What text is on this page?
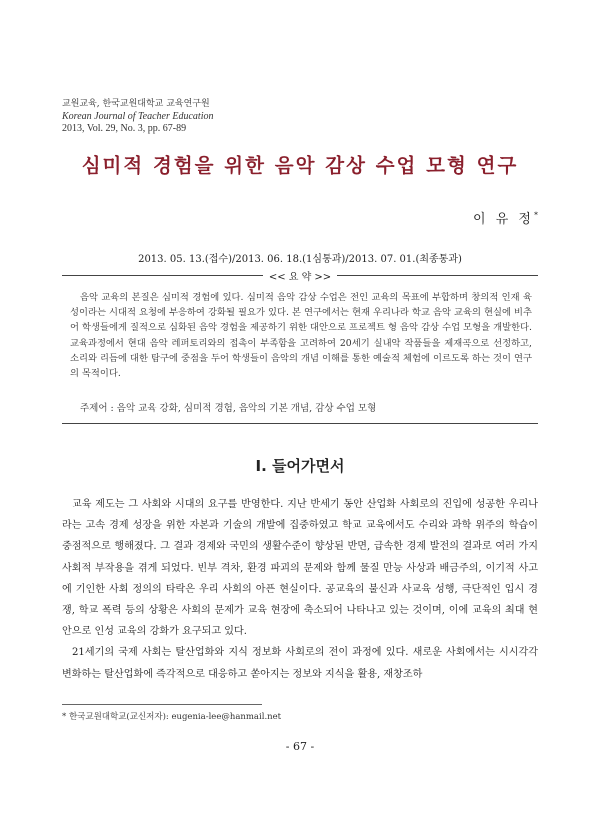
교원교육, 한국교원대학교 교육연구원
Korean Journal of Teacher Education
2013, Vol. 29, No. 3, pp. 67-89
심미적 경험을 위한 음악 감상 수업 모형 연구
이 유 정*
2013. 05. 13.(접수)/2013. 06. 18.(1심통과)/2013. 07. 01.(최종통과)
<< 요 약 >>
음악 교육의 본질은 심미적 경험에 있다. 심미적 음악 감상 수업은 전인 교육의 목표에 부합하며 창의적 인재 육성이라는 시대적 요청에 부응하여 강화될 필요가 있다. 본 연구에서는 현재 우리나라 학교 음악 교육의 현실에 비추어 학생들에게 질적으로 심화된 음악 경험을 제공하기 위한 대안으로 프로젝트 형 음악 감상 수업 모형을 개발한다. 교육과정에서 현대 음악 레퍼토리와의 접촉이 부족함을 고려하여 20세기 실내악 작품들을 제재곡으로 선정하고, 소리와 리듬에 대한 탐구에 중점을 두어 학생들이 음악의 개념 이해를 통한 예술적 체험에 이르도록 하는 것이 연구의 목적이다.
주제어 : 음악 교육 강화, 심미적 경험, 음악의 기본 개념, 감상 수업 모형
Ⅰ. 들어가면서

교육 제도는 그 사회와 시대의 요구를 반영한다. 지난 반세기 동안 산업화 사회로의 진입에 성공한 우리나라는 고속 경제 성장을 위한 자본과 기술의 개발에 집중하였고 학교 교육에서도 수리와 과학 위주의 학습이 중점적으로 행해졌다. 그 결과 경제와 국민의 생활수준이 향상된 반면, 급속한 경제 발전의 결과로 여러 가지 사회적 부작용을 겪게 되었다. 빈부 격차, 환경 파괴의 문제와 함께 물질 만능 사상과 배금주의, 이기적 사고에 기인한 사회 정의의 타락은 우리 사회의 아픈 현실이다. 공교육의 불신과 사교육 성행, 극단적인 입시 경쟁, 학교 폭력 등의 상황은 사회의 문제가 교육 현장에 축소되어 나타나고 있는 것이며, 이에 교육의 최대 현안으로 인성 교육의 강화가 요구되고 있다.

21세기의 국제 사회는 탈산업화와 지식 정보화 사회로의 전이 과정에 있다. 새로운 사회에서는 시시각각 변화하는 탈산업화에 즉각적으로 대응하고 쏟아지는 정보와 지식을 활용, 재창조하

* 한국교원대학교(교신저자): eugenia-lee@hanmail.net
- 67 -
